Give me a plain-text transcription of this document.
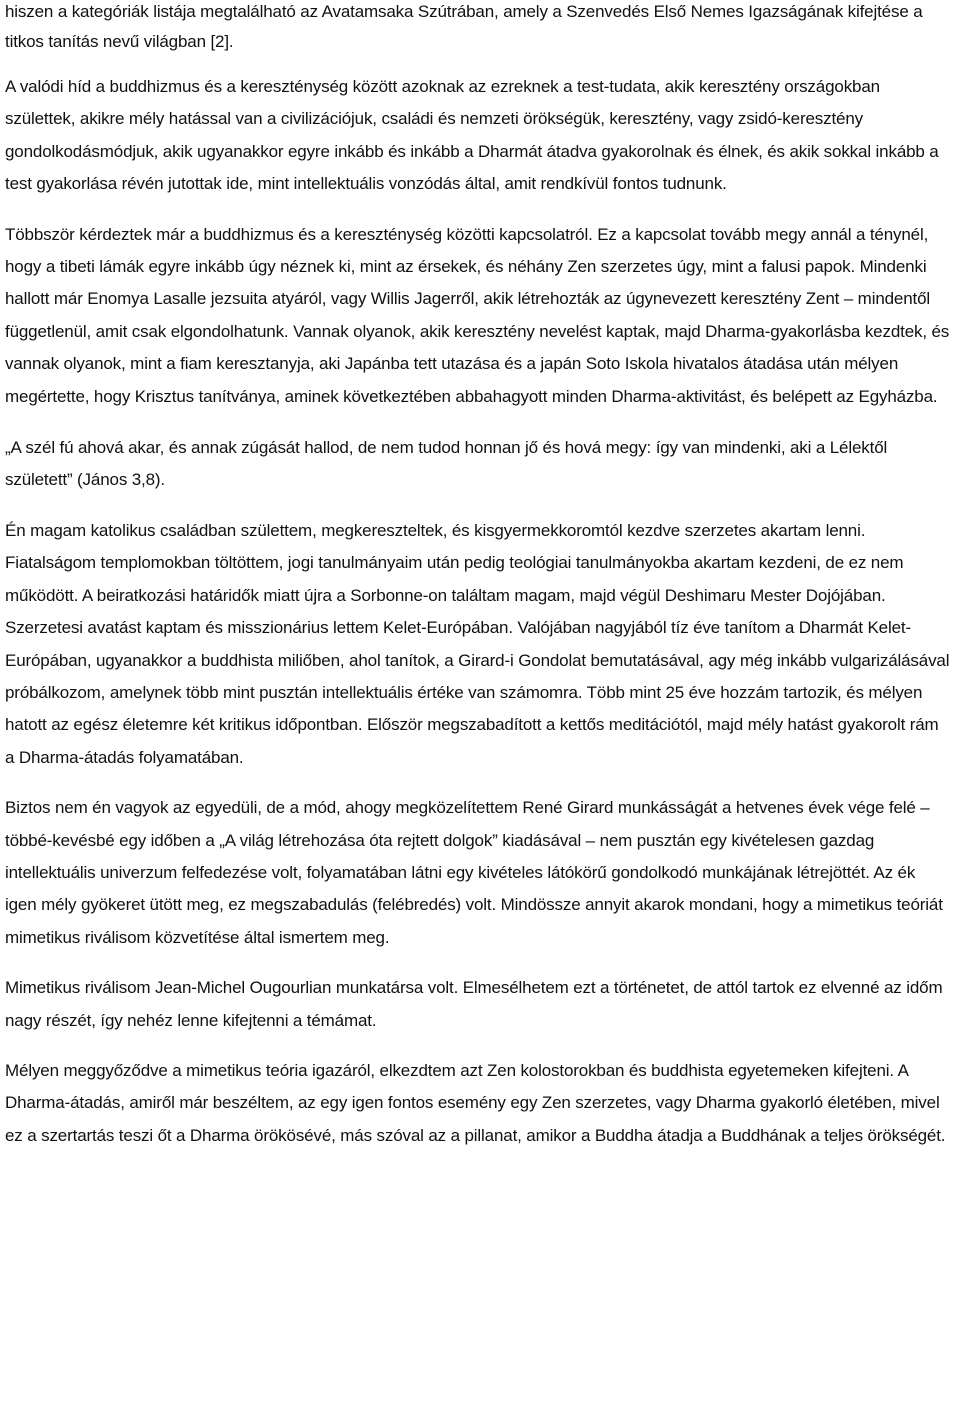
hiszen a kategóriák listája megtalálható az Avatamsaka Szútrában, amely a Szenvedés Első Nemes Igazságának kifejtése a titkos tanítás nevű világban [2].

A valódi híd a buddhizmus és a kereszténység között azoknak az ezreknek a test-tudata, akik keresztény országokban születtek, akikre mély hatással van a civilizációjuk, családi és nemzeti örökségük, keresztény, vagy zsidó-keresztény gondolkodásmódjuk, akik ugyanakkor egyre inkább és inkább a Dharmát átadva gyakorolnak és élnek, és akik sokkal inkább a test gyakorlása révén jutottak ide, mint intellektuális vonzódás által, amit rendkívül fontos tudnunk.

Többször kérdeztek már a buddhizmus és a kereszténység közötti kapcsolatról. Ez a kapcsolat tovább megy annál a ténynél, hogy a tibeti lámák egyre inkább úgy néznek ki, mint az érsekek, és néhány Zen szerzetes úgy, mint a falusi papok. Mindenki hallott már Enomya Lasalle jezsuita atyáról, vagy Willis Jagerről, akik létrehozták az úgynevezett keresztény Zent – mindentől függetlenül, amit csak elgondolhatunk. Vannak olyanok, akik keresztény nevelést kaptak, majd Dharma-gyakorlásba kezdtek, és vannak olyanok, mint a fiam keresztanyja, aki Japánba tett utazása és a japán Soto Iskola hivatalos átadása után mélyen megértette, hogy Krisztus tanítványa, aminek következtében abbahagyott minden Dharma-aktivitást, és belépett az Egyházba.

„A szél fú ahová akar, és annak zúgását hallod, de nem tudod honnan jő és hová megy: így van mindenki, aki a Lélektől született” (János 3,8).

Én magam katolikus családban születtem, megkereszteltek, és kisgyermekkoromtól kezdve szerzetes akartam lenni. Fiatalságom templomokban töltöttem, jogi tanulmányaim után pedig teológiai tanulmányokba akartam kezdeni, de ez nem működött. A beiratkozási határidők miatt újra a Sorbonne-on találtam magam, majd végül Deshimaru Mester Dojójában. Szerzetesi avatást kaptam és misszionárius lettem Kelet-Európában. Valójában nagyjából tíz éve tanítom a Dharmát Kelet-Európában, ugyanakkor a buddhista miliőben, ahol tanítok, a Girard-i Gondolat bemutatásával, agy még inkább vulgarizálásával próbálkozom, amelynek több mint pusztán intellektuális értéke van számomra. Több mint 25 éve hozzám tartozik, és mélyen hatott az egész életemre két kritikus időpontban. Először megszabadított a kettős meditációtól, majd mély hatást gyakorolt rám a Dharma-átadás folyamatában.

Biztos nem én vagyok az egyedüli, de a mód, ahogy megközelítettem René Girard munkásságát a hetvenes évek vége felé – többé-kevésbé egy időben a „A világ létrehozása óta rejtett dolgok” kiadásával – nem pusztán egy kivételesen gazdag intellektuális univerzum felfedezése volt, folyamatában látni egy kivételes látókörű gondolkodó munkájának létrejöttét. Az ék igen mély gyökeret ütött meg, ez megszabadulás (felébredés) volt. Mindössze annyit akarok mondani, hogy a mimetikus teóriát mimetikus riválisom közvetítése által ismertem meg.

Mimetikus riválisom Jean-Michel Ougourlian munkatársa volt. Elmesélhetem ezt a történetet, de attól tartok ez elvenné az időm nagy részét, így nehéz lenne kifejtenni a témámat.

Mélyen meggyőződve a mimetikus teória igazáról, elkezdtem azt Zen kolostorokban és buddhista egyetemeken kifejteni. A Dharma-átadás, amiről már beszéltem, az egy igen fontos esemény egy Zen szerzetes, vagy Dharma gyakorló életében, mivel ez a szertartás teszi őt a Dharma örökösévé, más szóval az a pillanat, amikor a Buddha átadja a Buddhának a teljes örökségét.
